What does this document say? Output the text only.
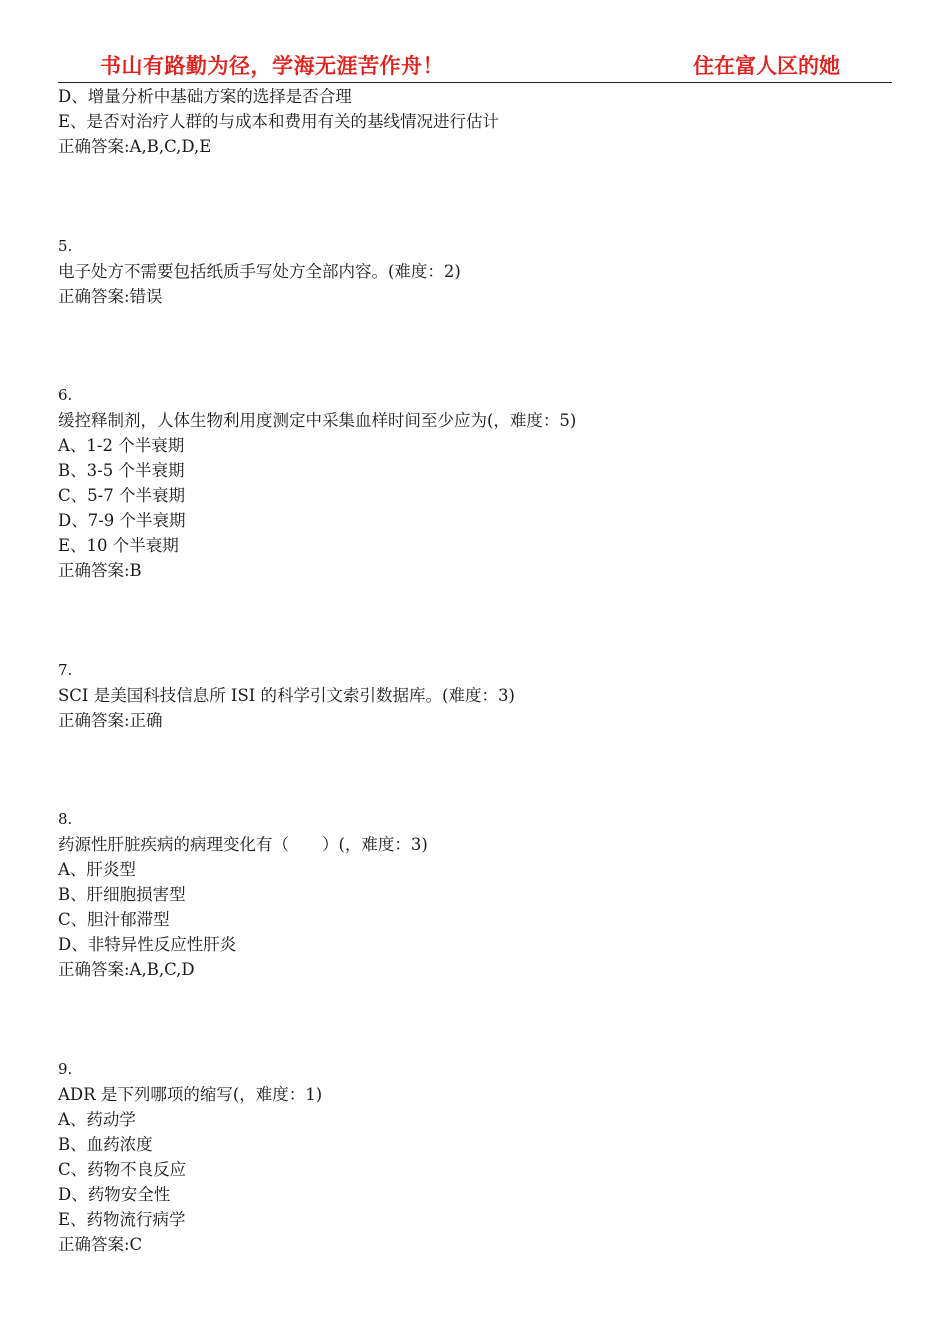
书山有路勤为径，学海无涯苦作舟！	住在富人区的她
D、增量分析中基础方案的选择是否合理
E、是否对治疗人群的与成本和费用有关的基线情况进行估计
正确答案:A,B,C,D,E
5.
电子处方不需要包括纸质手写处方全部内容。(难度：2)
正确答案:错误
6.
缓控释制剂，人体生物利用度测定中采集血样时间至少应为(，难度：5)
A、1-2 个半衰期
B、3-5 个半衰期
C、5-7 个半衰期
D、7-9 个半衰期
E、10 个半衰期
正确答案:B
7.
SCI 是美国科技信息所 ISI 的科学引文索引数据库。(难度：3)
正确答案:正确
8.
药源性肝脏疾病的病理变化有（　　）(，难度：3)
A、肝炎型
B、肝细胞损害型
C、胆汁郁滞型
D、非特异性反应性肝炎
正确答案:A,B,C,D
9.
ADR 是下列哪项的缩写(，难度：1)
A、药动学
B、血药浓度
C、药物不良反应
D、药物安全性
E、药物流行病学
正确答案:C
